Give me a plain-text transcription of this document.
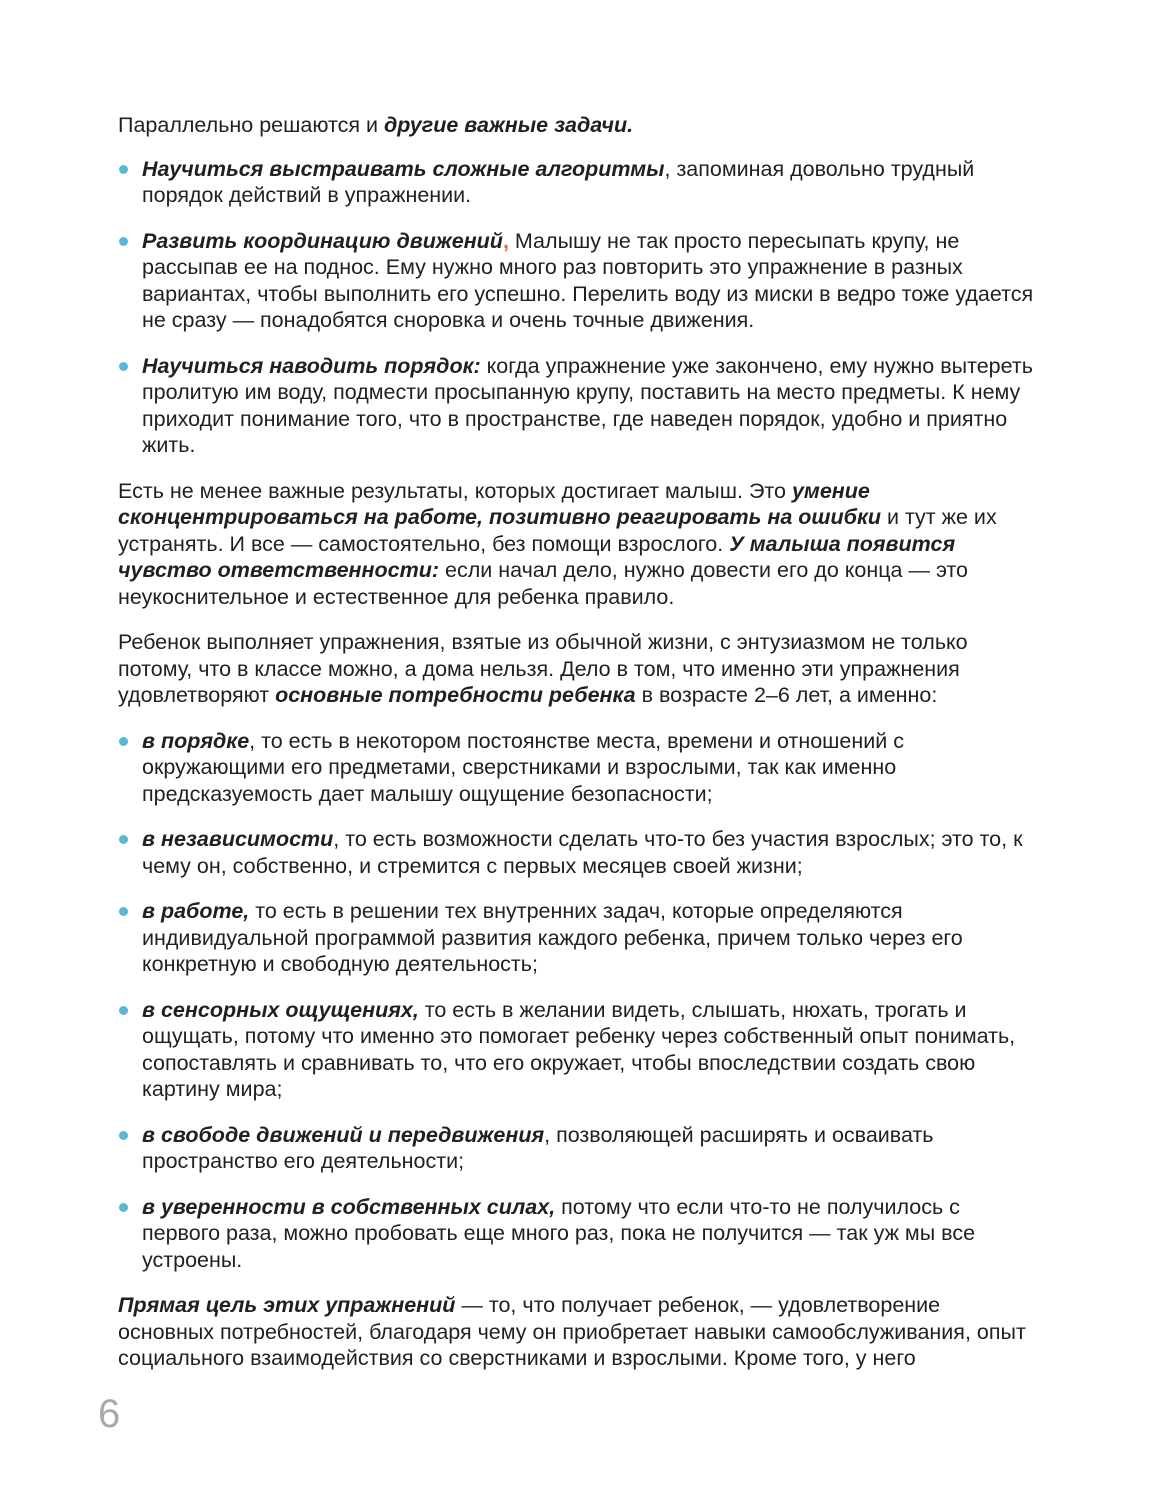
Параллельно решаются и другие важные задачи.

Научиться выстраивать сложные алгоритмы, запоминая довольно трудный порядок действий в упражнении.
Развить координацию движений, Малышу не так просто пересыпать крупу, не рассыпав ее на поднос. Ему нужно много раз повторить это упражнение в разных вариантах, чтобы выполнить его успешно. Перелить воду из миски в ведро тоже удается не сразу — понадобятся сноровка и очень точные движения.
Научиться наводить порядок: когда упражнение уже закончено, ему нужно вытереть пролитую им воду, подмести просыпанную крупу, поставить на место предметы. К нему приходит понимание того, что в пространстве, где наведен порядок, удобно и приятно жить.

Есть не менее важные результаты, которых достигает малыш. Это умение сконцентрироваться на работе, позитивно реагировать на ошибки и тут же их устранять. И все — самостоятельно, без помощи взрослого. У малыша появится чувство ответственности: если начал дело, нужно довести его до конца — это неукоснительное и естественное для ребенка правило.

Ребенок выполняет упражнения, взятые из обычной жизни, с энтузиазмом не только потому, что в классе можно, а дома нельзя. Дело в том, что именно эти упражнения удовлетворяют основные потребности ребенка в возрасте 2–6 лет, а именно:

в порядке, то есть в некотором постоянстве места, времени и отношений с окружающими его предметами, сверстниками и взрослыми, так как именно предсказуемость дает малышу ощущение безопасности;
в независимости, то есть возможности сделать что-то без участия взрослых; это то, к чему он, собственно, и стремится с первых месяцев своей жизни;
в работе, то есть в решении тех внутренних задач, которые определяются индивидуальной программой развития каждого ребенка, причем только через его конкретную и свободную деятельность;
в сенсорных ощущениях, то есть в желании видеть, слышать, нюхать, трогать и ощущать, потому что именно это помогает ребенку через собственный опыт понимать, сопоставлять и сравнивать то, что его окружает, чтобы впоследствии создать свою картину мира;
в свободе движений и передвижения, позволяющей расширять и осваивать пространство его деятельности;
в уверенности в собственных силах, потому что если что-то не получилось с первого раза, можно пробовать еще много раз, пока не получится — так уж мы все устроены.

Прямая цель этих упражнений — то, что получает ребенок, — удовлетворение основных потребностей, благодаря чему он приобретает навыки самообслуживания, опыт социального взаимодействия со сверстниками и взрослыми. Кроме того, у него

6
